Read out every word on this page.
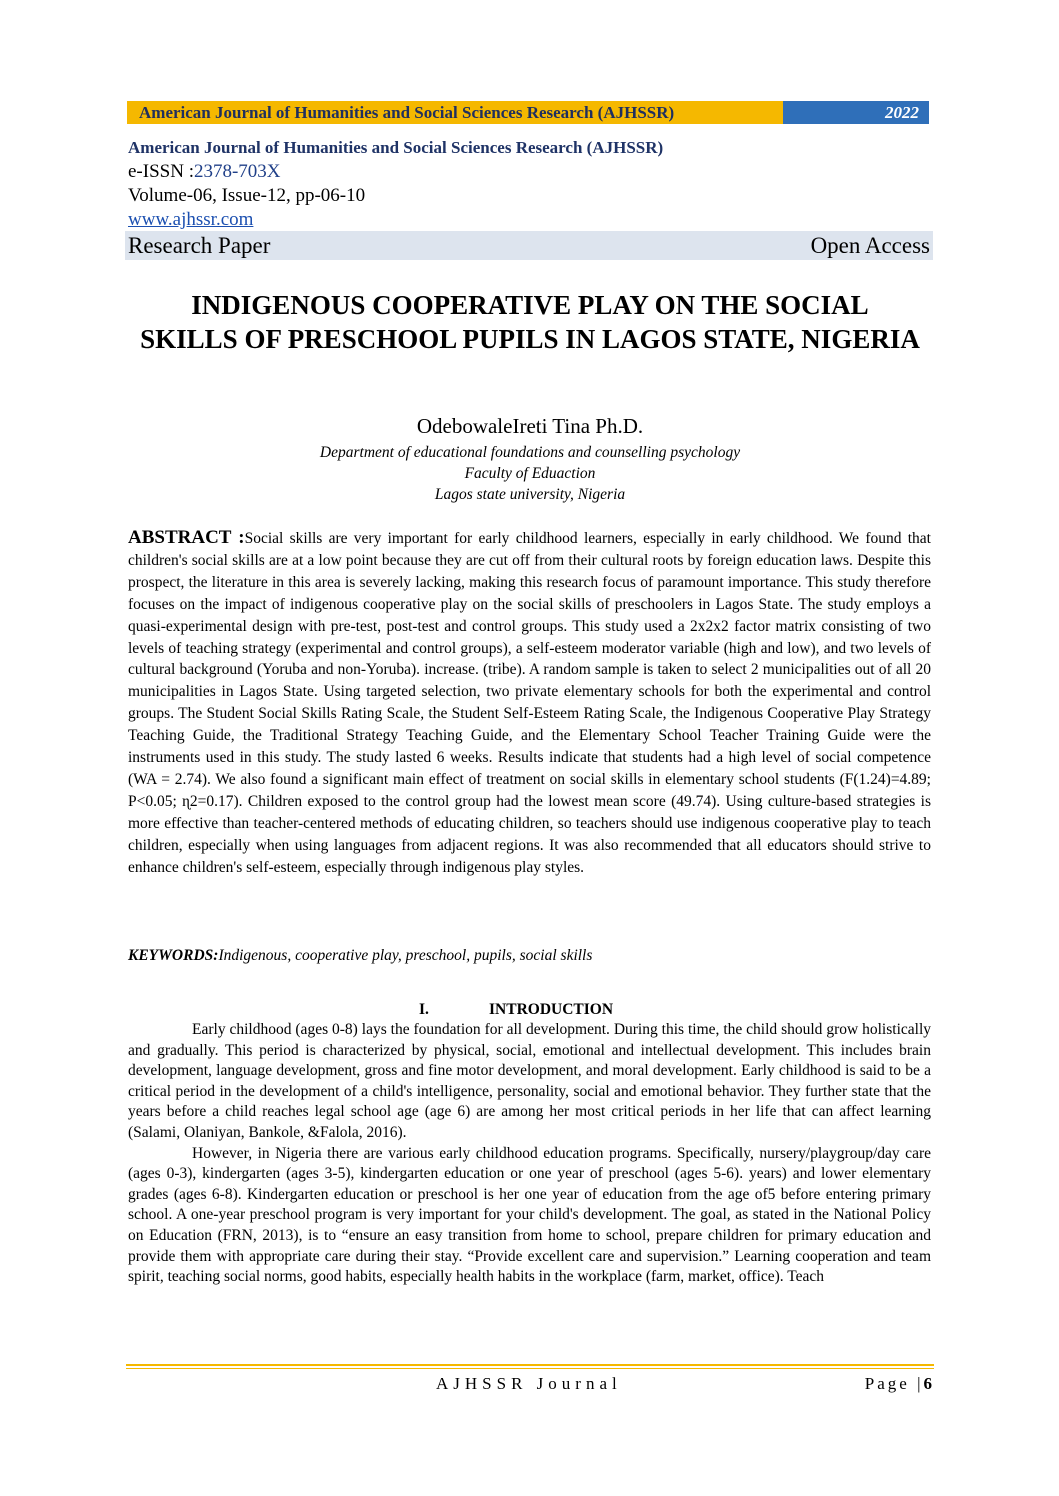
American Journal of Humanities and Social Sciences Research (AJHSSR)	2022
American Journal of Humanities and Social Sciences Research (AJHSSR)
e-ISSN :2378-703X
Volume-06, Issue-12, pp-06-10
www.ajhssr.com
Research Paper	Open Access
INDIGENOUS COOPERATIVE PLAY ON THE SOCIAL SKILLS OF PRESCHOOL PUPILS IN LAGOS STATE, NIGERIA
OdebowaleIreti Tina Ph.D.
Department of educational foundations and counselling psychology
Faculty of Eduaction
Lagos state university, Nigeria
ABSTRACT :Social skills are very important for early childhood learners, especially in early childhood. We found that children's social skills are at a low point because they are cut off from their cultural roots by foreign education laws. Despite this prospect, the literature in this area is severely lacking, making this research focus of paramount importance. This study therefore focuses on the impact of indigenous cooperative play on the social skills of preschoolers in Lagos State. The study employs a quasi-experimental design with pre-test, post-test and control groups. This study used a 2x2x2 factor matrix consisting of two levels of teaching strategy (experimental and control groups), a self-esteem moderator variable (high and low), and two levels of cultural background (Yoruba and non-Yoruba). increase. (tribe). A random sample is taken to select 2 municipalities out of all 20 municipalities in Lagos State. Using targeted selection, two private elementary schools for both the experimental and control groups. The Student Social Skills Rating Scale, the Student Self-Esteem Rating Scale, the Indigenous Cooperative Play Strategy Teaching Guide, the Traditional Strategy Teaching Guide, and the Elementary School Teacher Training Guide were the instruments used in this study. The study lasted 6 weeks. Results indicate that students had a high level of social competence (WA = 2.74). We also found a significant main effect of treatment on social skills in elementary school students (F(1.24)=4.89; P<0.05; ɳ2=0.17). Children exposed to the control group had the lowest mean score (49.74). Using culture-based strategies is more effective than teacher-centered methods of educating children, so teachers should use indigenous cooperative play to teach children, especially when using languages from adjacent regions. It was also recommended that all educators should strive to enhance children's self-esteem, especially through indigenous play styles.
KEYWORDS:Indigenous, cooperative play, preschool, pupils, social skills
I.	INTRODUCTION

Early childhood (ages 0-8) lays the foundation for all development. During this time, the child should grow holistically and gradually. This period is characterized by physical, social, emotional and intellectual development. This includes brain development, language development, gross and fine motor development, and moral development. Early childhood is said to be a critical period in the development of a child's intelligence, personality, social and emotional behavior. They further state that the years before a child reaches legal school age (age 6) are among her most critical periods in her life that can affect learning (Salami, Olaniyan, Bankole, &Falola, 2016).

However, in Nigeria there are various early childhood education programs. Specifically, nursery/playgroup/day care (ages 0-3), kindergarten (ages 3-5), kindergarten education or one year of preschool (ages 5-6). years) and lower elementary grades (ages 6-8). Kindergarten education or preschool is her one year of education from the age of5 before entering primary school. A one-year preschool program is very important for your child's development. The goal, as stated in the National Policy on Education (FRN, 2013), is to “ensure an easy transition from home to school, prepare children for primary education and provide them with appropriate care during their stay. “Provide excellent care and supervision.” Learning cooperation and team spirit, teaching social norms, good habits, especially health habits in the workplace (farm, market, office). Teach

AJHSSR Journal	Page |6
